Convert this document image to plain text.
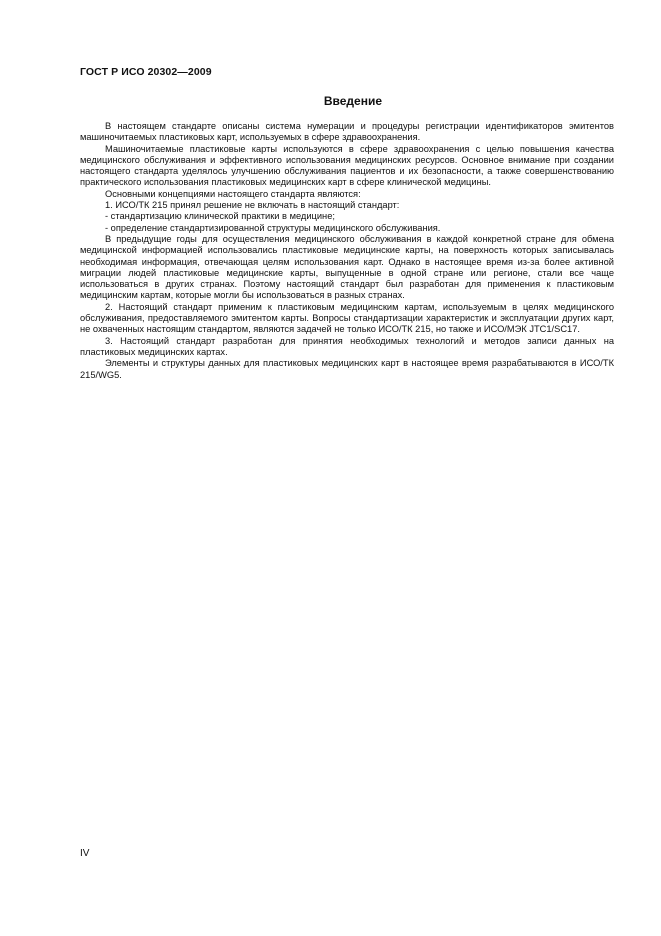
ГОСТ Р ИСО 20302—2009
Введение

В настоящем стандарте описаны система нумерации и процедуры регистрации идентификаторов эмитентов машиночитаемых пластиковых карт, используемых в сфере здравоохранения.

Машиночитаемые пластиковые карты используются в сфере здравоохранения с целью повышения качества медицинского обслуживания и эффективного использования медицинских ресурсов. Основное внимание при создании настоящего стандарта уделялось улучшению обслуживания пациентов и их безопасности, а также совершенствованию практического использования пластиковых медицинских карт в сфере клинической медицины.

Основными концепциями настоящего стандарта являются:

1. ИСО/ТК 215 принял решение не включать в настоящий стандарт:

- стандартизацию клинической практики в медицине;

- определение стандартизированной структуры медицинского обслуживания.

В предыдущие годы для осуществления медицинского обслуживания в каждой конкретной стране для обмена медицинской информацией использовались пластиковые медицинские карты, на поверхность которых записывалась необходимая информация, отвечающая целям использования карт. Однако в настоящее время из-за более активной миграции людей пластиковые медицинские карты, выпущенные в одной стране или регионе, стали все чаще использоваться в других странах. Поэтому настоящий стандарт был разработан для применения к пластиковым медицинским картам, которые могли бы использоваться в разных странах.

2. Настоящий стандарт применим к пластиковым медицинским картам, используемым в целях медицинского обслуживания, предоставляемого эмитентом карты. Вопросы стандартизации характеристик и эксплуатации других карт, не охваченных настоящим стандартом, являются задачей не только ИСО/ТК 215, но также и ИСО/МЭК JTC1/SC17.

3. Настоящий стандарт разработан для принятия необходимых технологий и методов записи данных на пластиковых медицинских картах.

Элементы и структуры данных для пластиковых медицинских карт в настоящее время разрабатываются в ИСО/ТК 215/WG5.

IV
